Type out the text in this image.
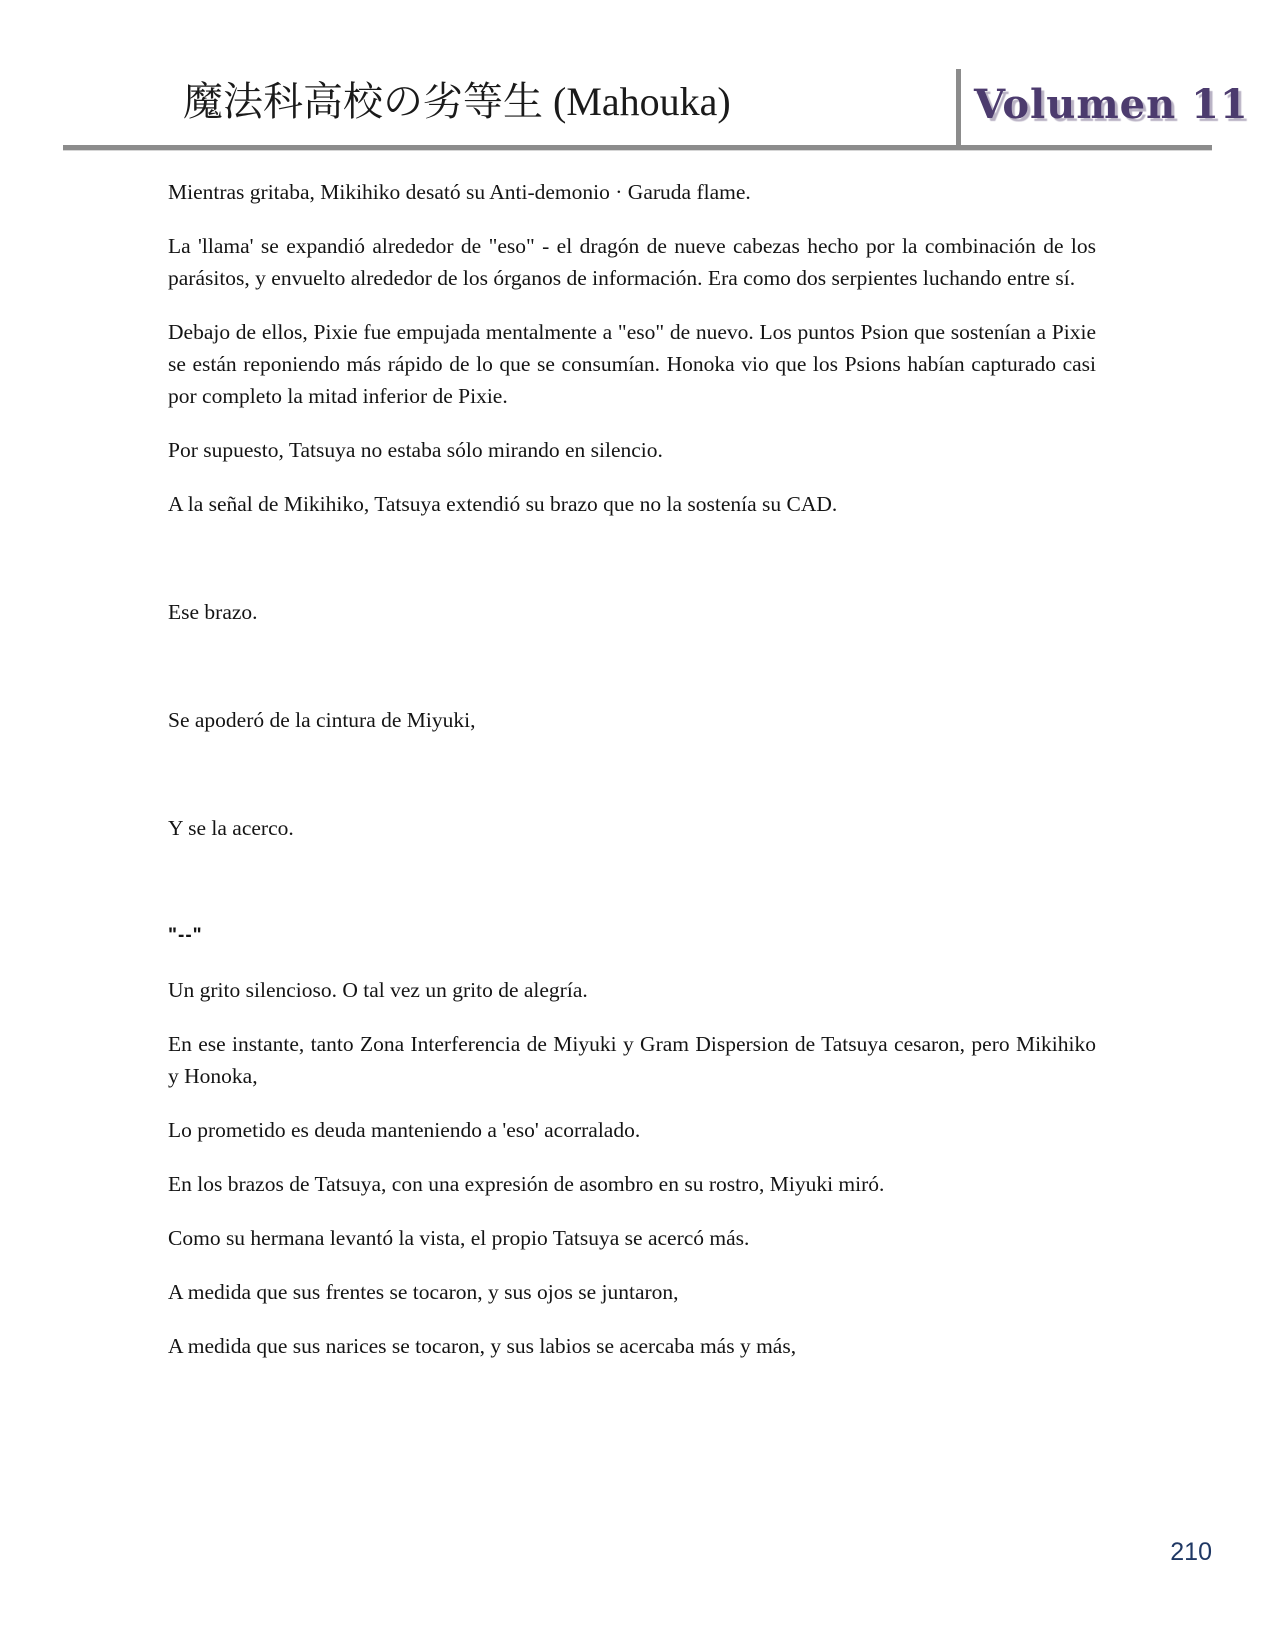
魔法科高校の劣等生 (Mahouka)	Volumen 11

Mientras gritaba, Mikihiko desató su Anti-demonio · Garuda flame.

La 'llama' se expandió alrededor de "eso" - el dragón de nueve cabezas hecho por la combinación de los parásitos, y envuelto alrededor de los órganos de información. Era como dos serpientes luchando entre sí.

Debajo de ellos, Pixie fue empujada mentalmente a "eso" de nuevo. Los puntos Psion que sostenían a Pixie se están reponiendo más rápido de lo que se consumían. Honoka vio que los Psions habían capturado casi por completo la mitad inferior de Pixie.

Por supuesto, Tatsuya no estaba sólo mirando en silencio.

A la señal de Mikihiko, Tatsuya extendió su brazo que no la sostenía su CAD.

Ese brazo.

Se apoderó de la cintura de Miyuki,

Y se la acerco.

"--"

Un grito silencioso. O tal vez un grito de alegría.

En ese instante, tanto Zona Interferencia de Miyuki y Gram Dispersion de Tatsuya cesaron, pero Mikihiko y Honoka,

Lo prometido es deuda manteniendo a 'eso' acorralado.

En los brazos de Tatsuya, con una expresión de asombro en su rostro, Miyuki miró.

Como su hermana levantó la vista, el propio Tatsuya se acercó más.

A medida que sus frentes se tocaron, y sus ojos se juntaron,

A medida que sus narices se tocaron, y sus labios se acercaba más y más,

210
